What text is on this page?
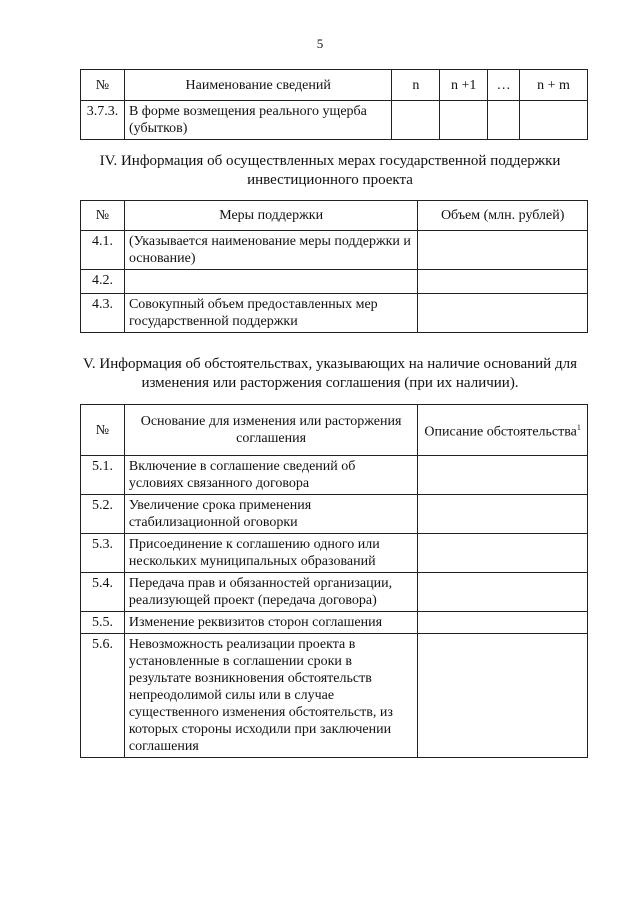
5
№	Наименование сведений	n	n +1	…	n + m
3.7.3.	В форме возмещения реального ущерба (убытков)				
IV. Информация об осуществленных мерах государственной поддержки инвестиционного проекта
№	Меры поддержки	Объем (млн. рублей)
4.1.	(Указывается наименование меры поддержки и основание)	
4.2.		
4.3.	Совокупный объем предоставленных мер государственной поддержки	
V. Информация об обстоятельствах, указывающих на наличие оснований для изменения или расторжения соглашения (при их наличии).
№	Основание для изменения или расторжения соглашения	Описание обстоятельства$^1$
5.1.	Включение в соглашение сведений об условиях связанного договора	
5.2.	Увеличение срока применения стабилизационной оговорки	
5.3.	Присоединение к соглашению одного или нескольких муниципальных образований	
5.4.	Передача прав и обязанностей организации, реализующей проект (передача договора)	
5.5.	Изменение реквизитов сторон соглашения	
5.6.	Невозможность реализации проекта в установленные в соглашении сроки в результате возникновения обстоятельств непреодолимой силы или в случае существенного изменения обстоятельств, из которых стороны исходили при заключении соглашения	
